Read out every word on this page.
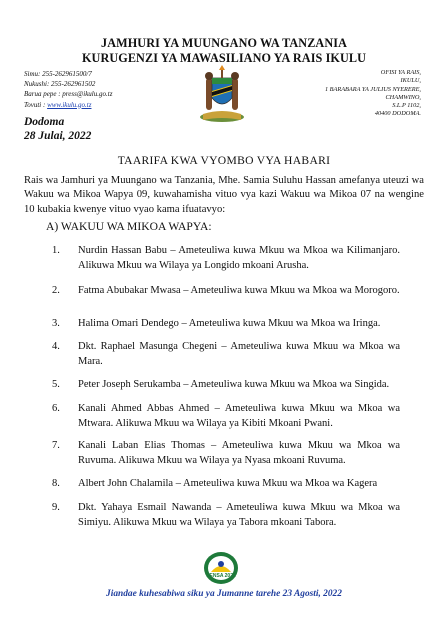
JAMHURI YA MUUNGANO WA TANZANIA
KURUGENZI YA MAWASILIANO YA RAIS IKULU
Simu: 255-262961500/7
Nukushi: 255-262961502
Barua pepe : press@ikulu.go.tz
Tovuti : www.ikulu.go.tz
OFISI YA RAIS,
IKULU,
1 BARABARA YA JULIUS NYERERE,
CHAMWINO,
S.L.P 1102,
40400 DODOMA.
Dodoma
28 Julai, 2022
TAARIFA KWA VYOMBO VYA HABARI
Rais wa Jamhuri ya Muungano wa Tanzania, Mhe. Samia Suluhu Hassan amefanya uteuzi wa Wakuu wa Mikoa Wapya 09, kuwahamisha vituo vya kazi Wakuu wa Mikoa 07 na wengine 10 kubakia kwenye vituo vyao kama ifuatavyo:
A) WAKUU WA MIKOA WAPYA:
1. Nurdin Hassan Babu – Ameteuliwa kuwa Mkuu wa Mkoa wa Kilimanjaro. Alikuwa Mkuu wa Wilaya ya Longido mkoani Arusha.
2. Fatma Abubakar Mwasa – Ameteuliwa kuwa Mkuu wa Mkoa wa Morogoro.
3. Halima Omari Dendego – Ameteuliwa kuwa Mkuu wa Mkoa wa Iringa.
4. Dkt. Raphael Masunga Chegeni – Ameteuliwa kuwa Mkuu wa Mkoa wa Mara.
5. Peter Joseph Serukamba – Ameteuliwa kuwa Mkuu wa Mkoa wa Singida.
6. Kanali Ahmed Abbas Ahmed – Ameteuliwa kuwa Mkuu wa Mkoa wa Mtwara. Alikuwa Mkuu wa Wilaya ya Kibiti Mkoani Pwani.
7. Kanali Laban Elias Thomas – Ameteuliwa kuwa Mkuu wa Mkoa wa Ruvuma. Alikuwa Mkuu wa Wilaya ya Nyasa mkoani Ruvuma.
8. Albert John Chalamila – Ameteuliwa kuwa Mkuu wa Mkoa wa Kagera
9. Dkt. Yahaya Esmail Nawanda – Ameteuliwa kuwa Mkuu wa Mkoa wa Simiyu. Alikuwa Mkuu wa Wilaya ya Tabora mkoani Tabora.
SENSA 2022
Jiandae kuhesabiwa siku ya Jumanne tarehe 23 Agosti, 2022
